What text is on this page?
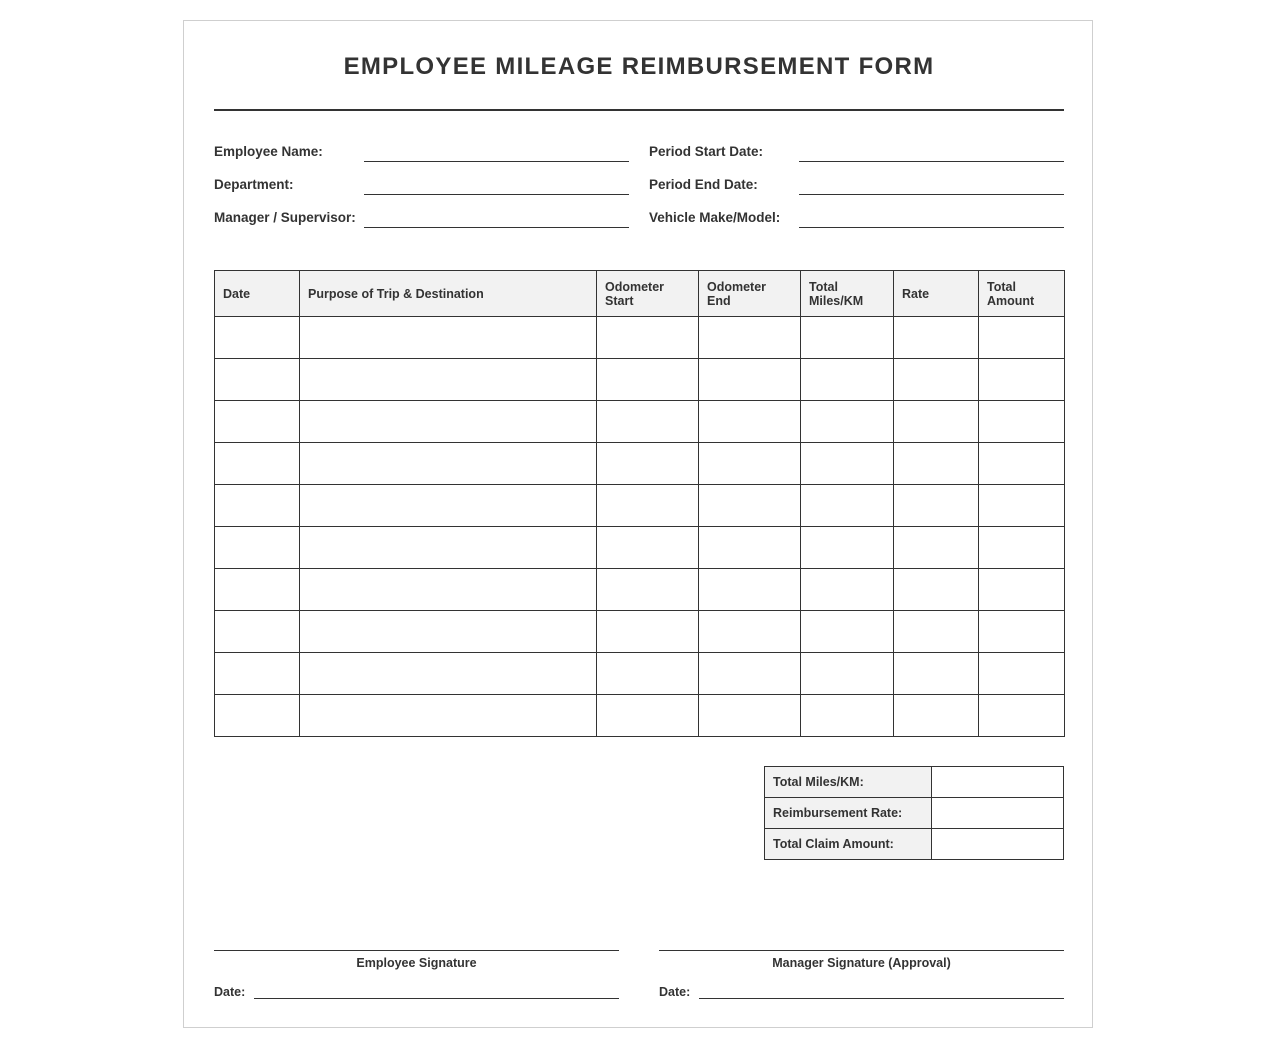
EMPLOYEE MILEAGE REIMBURSEMENT FORM
Employee Name:
Department:
Manager / Supervisor:
Period Start Date:
Period End Date:
Vehicle Make/Model:
Date	Purpose of Trip & Destination	Odometer Start	Odometer End	Total Miles/KM	Rate	Total Amount

Total Miles/KM:	
Reimbursement Rate:	
Total Claim Amount:	
Employee Signature
Date:
Manager Signature (Approval)
Date:
